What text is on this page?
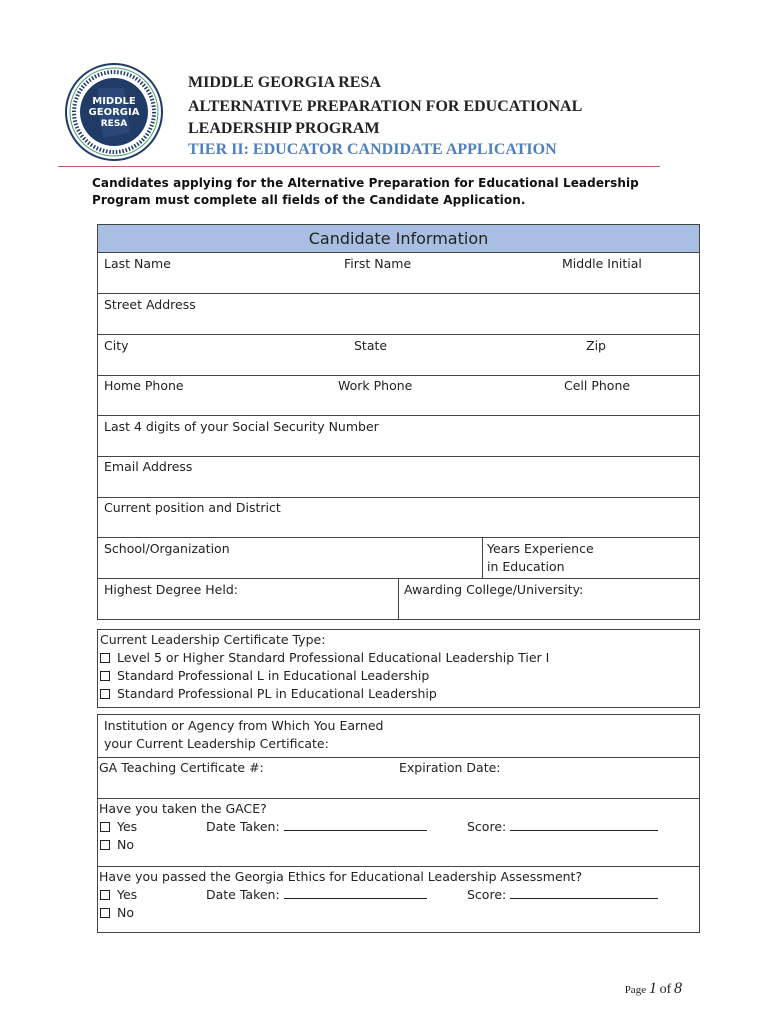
MIDDLE
GEORGIA
RESA
MIDDLE GEORGIA RESA
ALTERNATIVE PREPARATION FOR EDUCATIONAL
LEADERSHIP PROGRAM
TIER II: EDUCATOR CANDIDATE APPLICATION
Candidates applying for the Alternative Preparation for Educational Leadership Program must complete all fields of the Candidate Application.
Candidate Information
Last Name	First Name	Middle Initial
Street Address
City	State	Zip
Home Phone	Work Phone	Cell Phone
Last 4 digits of your Social Security Number
Email Address
Current position and District
School/Organization	Years Experience
in Education
Highest Degree Held:	Awarding College/University:
Current Leadership Certificate Type:
Level 5 or Higher Standard Professional Educational Leadership Tier I
Standard Professional L in Educational Leadership
Standard Professional PL in Educational Leadership
Institution or Agency from Which You Earned
your Current Leadership Certificate:
GA Teaching Certificate #:	Expiration Date:
Have you taken the GACE?
Yes	Date Taken:	Score:
No
Have you passed the Georgia Ethics for Educational Leadership Assessment?
Yes	Date Taken:	Score:
No
Page 1 of 8
